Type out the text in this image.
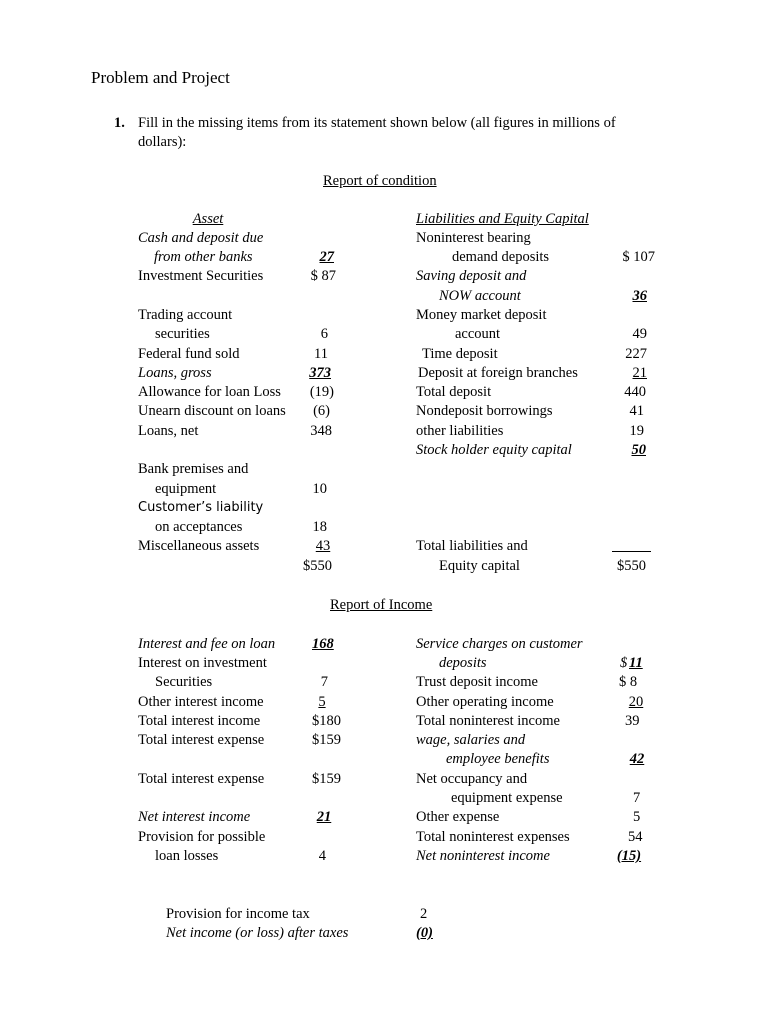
Problem and Project
1. Fill in the missing items from its statement shown below (all figures in millions of
dollars):
Report of condition
Asset	Liabilities and Equity Capital
Cash and deposit due
from other banks	27
Investment Securities	$ 87
Trading account
securities	6
Federal fund sold	11
Loans, gross	373
Allowance for loan Loss	(19)
Unearn discount on loans	(6)
Loans, net	348
Bank premises and
equipment	10
Customer’s liability
on acceptances	18
Miscellaneous assets	43
$550
Noninterest bearing
demand deposits	$ 107
Saving deposit and
NOW account	36
Money market deposit
account	49
Time deposit	227
Deposit at foreign branches	21
Total deposit	440
Nondeposit borrowings	41
other liabilities	19
Stock holder equity capital	50
Total liabilities and
Equity capital	$550
Report of Income
Interest and fee on loan	168
Interest on investment
Securities	7
Other interest income	5
Total interest income	$180
Total interest expense	$159
Total interest expense	$159
Net interest income	21
Provision for possible
loan losses	4
Service charges on customer
deposits	$ 11
Trust deposit income	$ 8
Other operating income	20
Total noninterest income	39
wage, salaries and
employee benefits	42
Net occupancy and
equipment expense	7
Other expense	5
Total noninterest expenses	54
Net noninterest income	(15)
Provision for income tax	2
Net income (or loss) after taxes	(0)
